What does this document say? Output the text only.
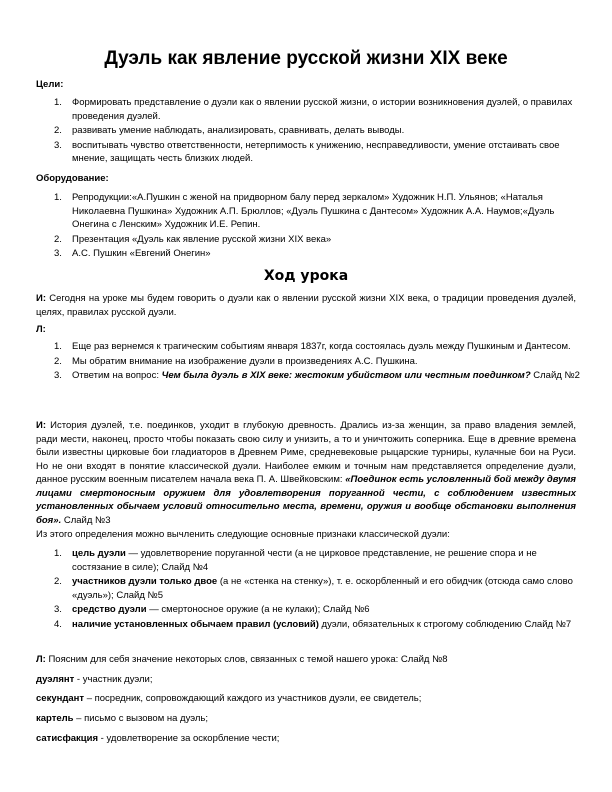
Дуэль как явление русской жизни XIX веке

Цели:

1. Формировать представление о дуэли как о явлении русской жизни, о истории возникновения дуэлей, о правилах проведения дуэлей.
2. развивать умение наблюдать, анализировать, сравнивать, делать выводы.
3. воспитывать чувство ответственности, нетерпимость к унижению, несправедливости, умение отстаивать свое мнение, защищать честь близких людей.

Оборудование:

1. Репродукции:«А.Пушкин с женой на придворном балу перед зеркалом» Художник Н.П. Ульянов; «Наталья Николаевна Пушкина» Художник А.П. Брюллов; «Дуэль Пушкина с Дантесом» Художник А.А. Наумов;«Дуэль Онегина с Ленским» Художник И.Е. Репин.
2. Презентация «Дуэль как явление русской жизни XIX века»
3. А.С. Пушкин «Евгений Онегин»
Ход урока

И: Сегодня на уроке мы будем говорить о дуэли как о явлении русской жизни XIX века, о традиции проведения дуэлей, целях, правилах русской дуэли.

Л:

1. Еще раз вернемся к трагическим событиям января 1837г, когда состоялась дуэль между Пушкиным и Дантесом.
2. Мы обратим внимание на изображение дуэли в произведениях А.С. Пушкина.
3. Ответим на вопрос: Чем была дуэль в XIX веке: жестоким убийством или честным поединком? Слайд №2

И: История дуэлей, т.е. поединков, уходит в глубокую древность. Дрались из-за женщин, за право владения землей, ради мести, наконец, просто чтобы показать свою силу и унизить, а то и уничтожить соперника. Еще в древние времена были известны цирковые бои гладиаторов в Древнем Риме, средневековые рыцарские турниры, кулачные бои на Руси. Но не они входят в понятие классической дуэли. Наиболее емким и точным нам представляется определение дуэли, данное русским военным писателем начала века П. А. Швейковским: «Поединок есть условленный бой между двумя лицами смертоносным оружием для удовлетворения поруганной чести, с соблюдением известных установленных обычаем условий относительно места, времени, оружия и вообще обстановки выполнения боя». Слайд №3

Из этого определения можно вычленить следующие основные признаки классической дуэли:

1. цель дуэли — удовлетворение поруганной чести (а не цирковое представление, не решение спора и не состязание в силе); Слайд №4
2. участников дуэли только двое (а не «стенка на стенку»), т. е. оскорбленный и его обидчик (отсюда само слово «дуэль»); Слайд №5
3. средство дуэли — смертоносное оружие (а не кулаки); Слайд №6
4. наличие установленных обычаем правил (условий) дуэли, обязательных к строгому соблюдению Слайд №7

Л: Поясним для себя значение некоторых слов, связанных с темой нашего урока: Слайд №8

дуэлянт - участник дуэли;

секундант – посредник, сопровождающий каждого из участников дуэли, ее свидетель;

картель – письмо с вызовом на дуэль;

сатисфакция - удовлетворение за оскорбление чести;
